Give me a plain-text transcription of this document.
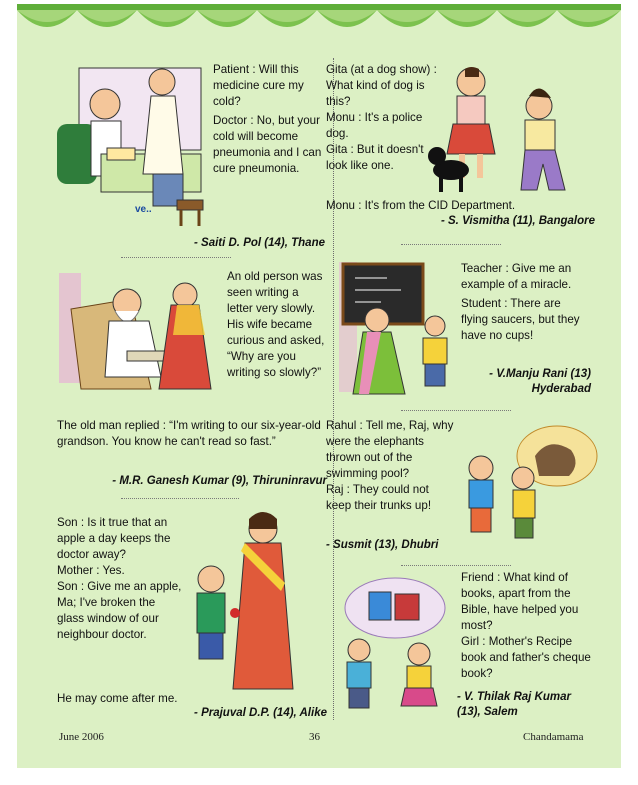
ve..

Patient : Will this medicine cure my cold?

Doctor : No, but your cold will become pneumonia and I can cure pneumonia.

- Saiti D. Pol (14), Thane

Gita (at a dog show) : What kind of dog is this?

Monu : It's a police dog.

Gita : But it doesn't look like one.

Monu : It's from the CID Department.
- S. Vismitha (11), Bangalore

An old person was seen writing a letter very slowly. His wife became curious and asked, “Why are you writing so slowly?”

The old man replied : “I'm writing to our six-year-old grandson. You know he can't read so fast.”
- M.R. Ganesh Kumar (9), Thiruninravur

Teacher : Give me an example of a miracle.

Student : There are flying saucers, but they have no cups!

- V.Manju Rani (13)
Hyderabad

Rahul : Tell me, Raj, why were the elephants thrown out of the swimming pool?

Raj : They could not keep their trunks up!

- Susmit (13), Dhubri

Son : Is it true that an apple a day keeps the doctor away?

Mother : Yes.

Son : Give me an apple, Ma; I've broken the glass window of our neighbour doctor.

He may come after me.
- Prajuval D.P. (14), Alike

Friend : What kind of books, apart from the Bible, have helped you most?

Girl : Mother's Recipe book and father's cheque book?

- V. Thilak Raj Kumar
(13), Salem
June 2006	36	Chandamama
